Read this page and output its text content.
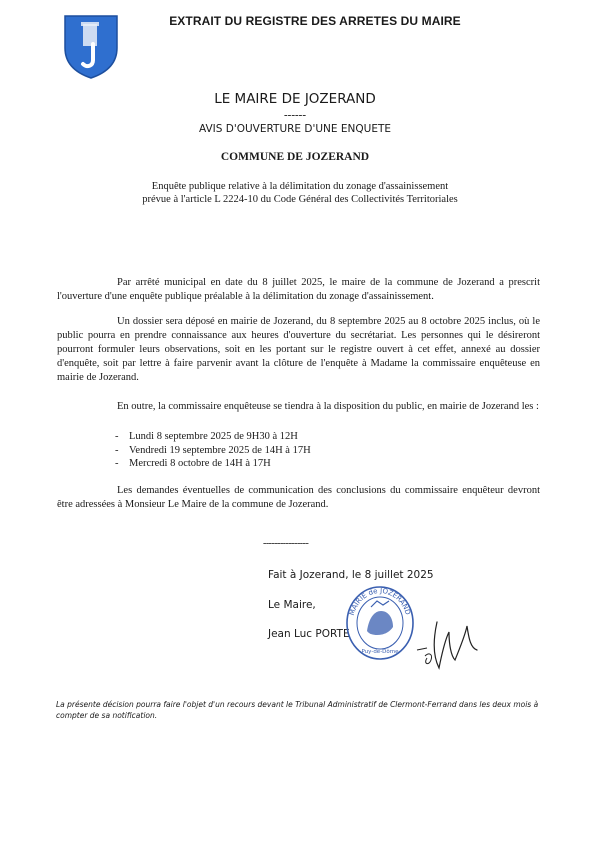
EXTRAIT DU REGISTRE DES ARRETES DU MAIRE
LE MAIRE DE JOZERAND
------
AVIS D'OUVERTURE D'UNE ENQUETE
COMMUNE DE JOZERAND
Enquête publique relative à la délimitation du zonage d'assainissement
prévue à l'article L 2224-10 du Code Général des Collectivités Territoriales
Par arrêté municipal en date du 8 juillet 2025, le maire de la commune de Jozerand a prescrit l'ouverture d'une enquête publique préalable à la délimitation du zonage d'assainissement.
Un dossier sera déposé en mairie de Jozerand, du 8 septembre 2025 au 8 octobre 2025 inclus, où le public pourra en prendre connaissance aux heures d'ouverture du secrétariat. Les personnes qui le désireront pourront formuler leurs observations, soit en les portant sur le registre ouvert à cet effet, annexé au dossier d'enquête, soit par lettre à faire parvenir avant la clôture de l'enquête à Madame la commissaire enquêteuse en mairie de Jozerand.
En outre, la commissaire enquêteuse se tiendra à la disposition du public, en mairie de Jozerand les :
- Lundi 8 septembre 2025 de 9H30 à 12H
- Vendredi 19 septembre 2025 de 14H à 17H
- Mercredi 8 octobre de 14H à 17H
Les demandes éventuelles de communication des conclusions du commissaire enquêteur devront être adressées à Monsieur Le Maire de la commune de Jozerand.
----------------
Fait à Jozerand, le 8 juillet 2025
Le Maire,
Jean Luc PORTE
MAIRIE de JOZERAND
Puy-de-Dôme
La présente décision pourra faire l'objet d'un recours devant le Tribunal Administratif de Clermont-Ferrand dans les deux mois à compter de sa notification.
